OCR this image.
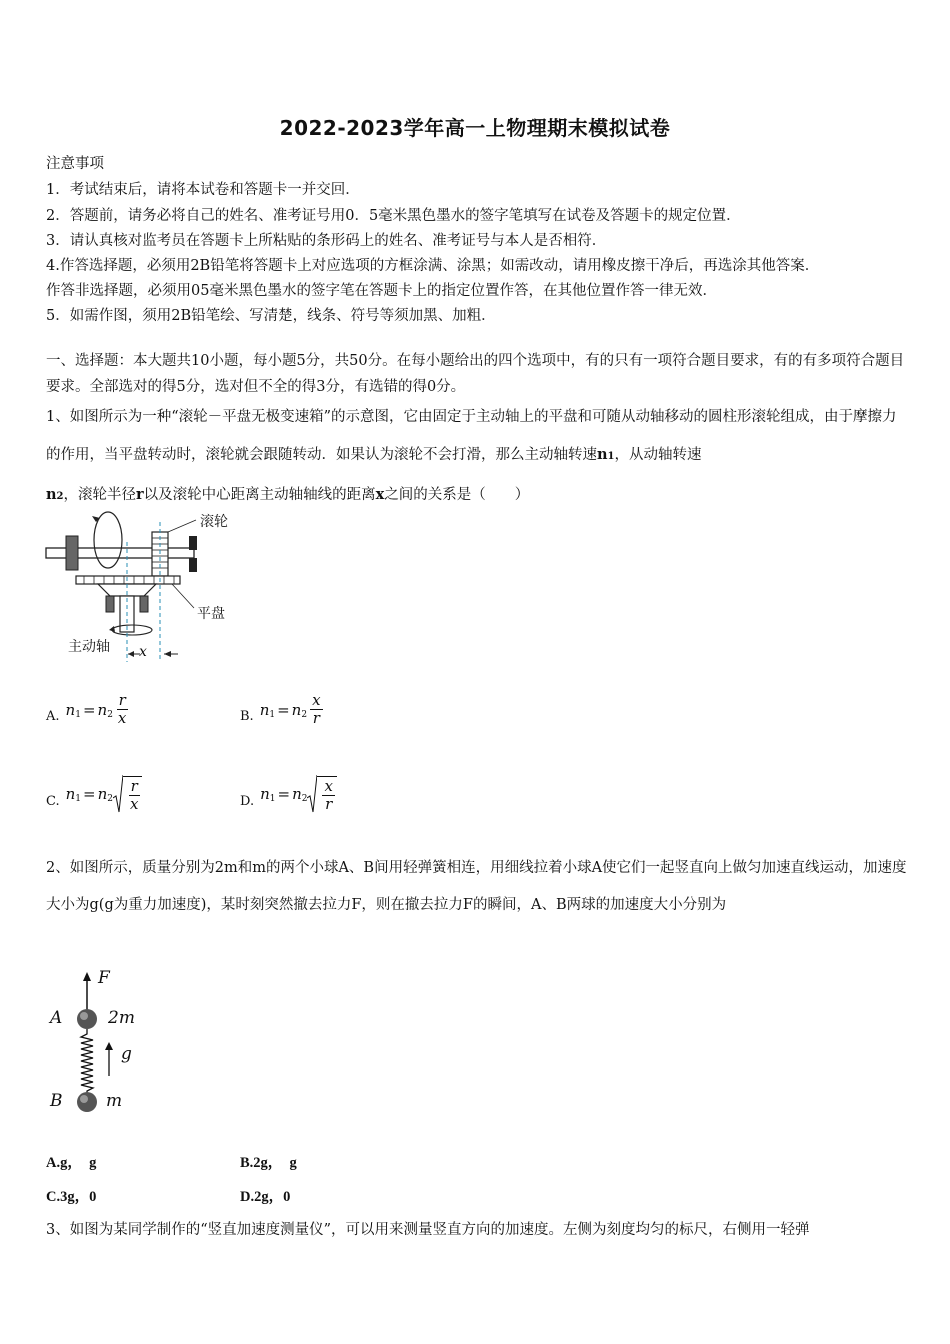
2022-2023学年高一上物理期末模拟试卷
注意事项
1．考试结束后，请将本试卷和答题卡一并交回．
2．答题前，请务必将自己的姓名、准考证号用0．5毫米黑色墨水的签字笔填写在试卷及答题卡的规定位置．
3．请认真核对监考员在答题卡上所粘贴的条形码上的姓名、准考证号与本人是否相符．
4.作答选择题，必须用2B铅笔将答题卡上对应选项的方框涂满、涂黑；如需改动，请用橡皮擦干净后，再选涂其他答案．
作答非选择题，必须用05毫米黑色墨水的签字笔在答题卡上的指定位置作答，在其他位置作答一律无效．
5．如需作图，须用2B铅笔绘、写清楚，线条、符号等须加黑、加粗．
一、选择题：本大题共10小题，每小题5分，共50分。在每小题给出的四个选项中，有的只有一项符合题目要求，有的有多项符合题目要求。全部选对的得5分，选对但不全的得3分，有选错的得0分。
1、如图所示为一种“滚轮－平盘无极变速箱”的示意图，它由固定于主动轴上的平盘和可随从动轴移动的圆柱形滚轮组成，由于摩擦力的作用，当平盘转动时，滚轮就会跟随转动．如果认为滚轮不会打滑，那么主动轴转速n1，从动轴转速
n2，滚轮半径r以及滚轮中心距离主动轴轴线的距离x之间的关系是（　　）
滚轮
平盘
主动轴 x
A. n 1 = n $2 \frac{r}{x}$	B. n 1 = n $2 \frac{x}{r}$
C. n 1 = n $2 \frac{r}{x}$	D. n 1 = n $2 \frac{x}{r}$
2、如图所示，质量分别为2m和m的两个小球A、B间用轻弹簧相连，用细线拉着小球A使它们一起竖直向上做匀加速直线运动，加速度大小为g(g为重力加速度)，某时刻突然撤去拉力F，则在撤去拉力F的瞬间，A、B两球的加速度大小分别为
F
A	2m
g
B	m
A.g，　g	B.2g，　g
C.3g，0	D.2g，0
3、如图为某同学制作的“竖直加速度测量仪”，可以用来测量竖直方向的加速度。左侧为刻度均匀的标尺，右侧用一轻弹
